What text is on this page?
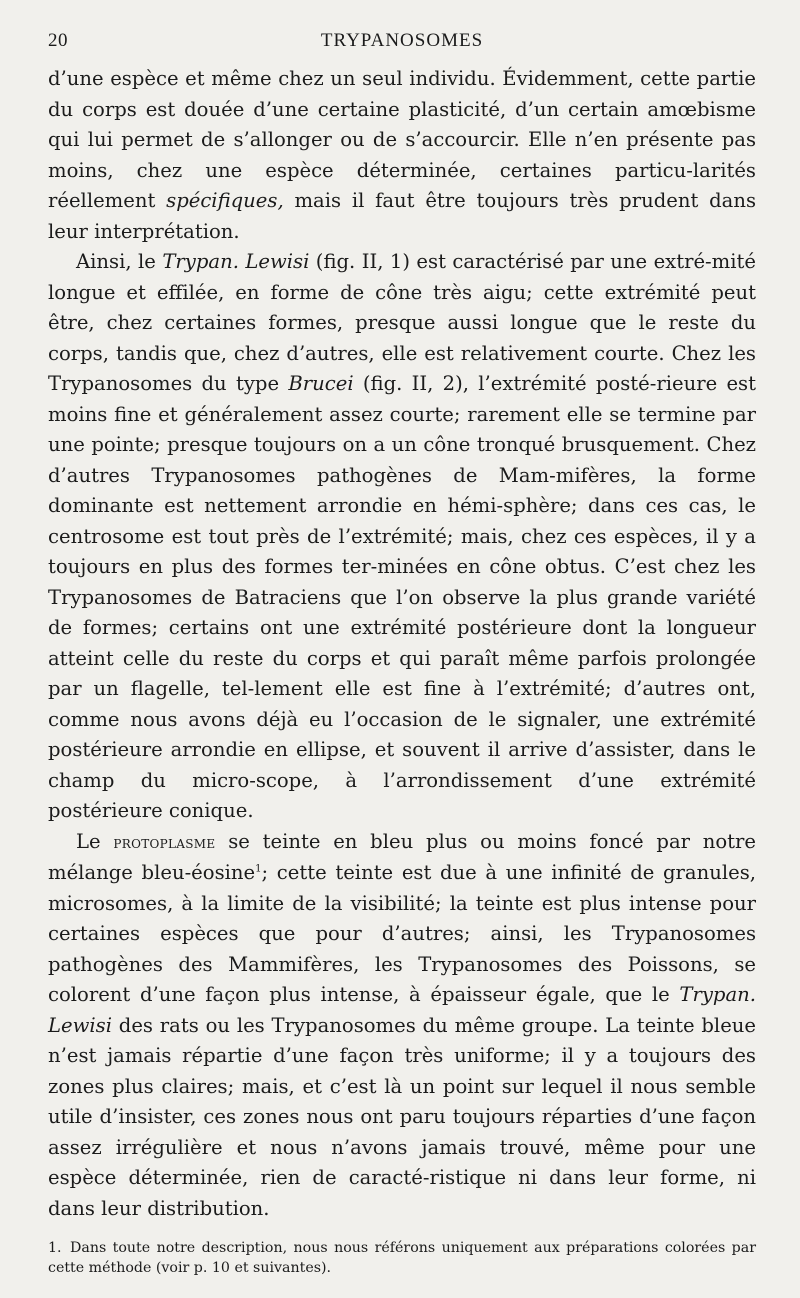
20	TRYPANOSOMES

d’une espèce et même chez un seul individu. Évidemment, cette partie du corps est douée d’une certaine plasticité, d’un certain amœbisme qui lui permet de s’allonger ou de s’accourcir. Elle n’en présente pas moins, chez une espèce déterminée, certaines particu-larités réellement spécifiques, mais il faut être toujours très prudent dans leur interprétation.

Ainsi, le Trypan. Lewisi (fig. II, 1) est caractérisé par une extré-mité longue et effilée, en forme de cône très aigu; cette extrémité peut être, chez certaines formes, presque aussi longue que le reste du corps, tandis que, chez d’autres, elle est relativement courte. Chez les Trypanosomes du type Brucei (fig. II, 2), l’extrémité posté-rieure est moins fine et généralement assez courte; rarement elle se termine par une pointe; presque toujours on a un cône tronqué brusquement. Chez d’autres Trypanosomes pathogènes de Mam-mifères, la forme dominante est nettement arrondie en hémi-sphère; dans ces cas, le centrosome est tout près de l’extrémité; mais, chez ces espèces, il y a toujours en plus des formes ter-minées en cône obtus. C’est chez les Trypanosomes de Batraciens que l’on observe la plus grande variété de formes; certains ont une extrémité postérieure dont la longueur atteint celle du reste du corps et qui paraît même parfois prolongée par un flagelle, tel-lement elle est fine à l’extrémité; d’autres ont, comme nous avons déjà eu l’occasion de le signaler, une extrémité postérieure arrondie en ellipse, et souvent il arrive d’assister, dans le champ du micro-scope, à l’arrondissement d’une extrémité postérieure conique.

Le protoplasme se teinte en bleu plus ou moins foncé par notre mélange bleu-éosine$^1$; cette teinte est due à une infinité de granules, microsomes, à la limite de la visibilité; la teinte est plus intense pour certaines espèces que pour d’autres; ainsi, les Trypanosomes pathogènes des Mammifères, les Trypanosomes des Poissons, se colorent d’une façon plus intense, à épaisseur égale, que le Trypan. Lewisi des rats ou les Trypanosomes du même groupe. La teinte bleue n’est jamais répartie d’une façon très uniforme; il y a toujours des zones plus claires; mais, et c’est là un point sur lequel il nous semble utile d’insister, ces zones nous ont paru toujours réparties d’une façon assez irrégulière et nous n’avons jamais trouvé, même pour une espèce déterminée, rien de caracté-ristique ni dans leur forme, ni dans leur distribution.

1. Dans toute notre description, nous nous référons uniquement aux préparations colorées par cette méthode (voir p. 10 et suivantes).
